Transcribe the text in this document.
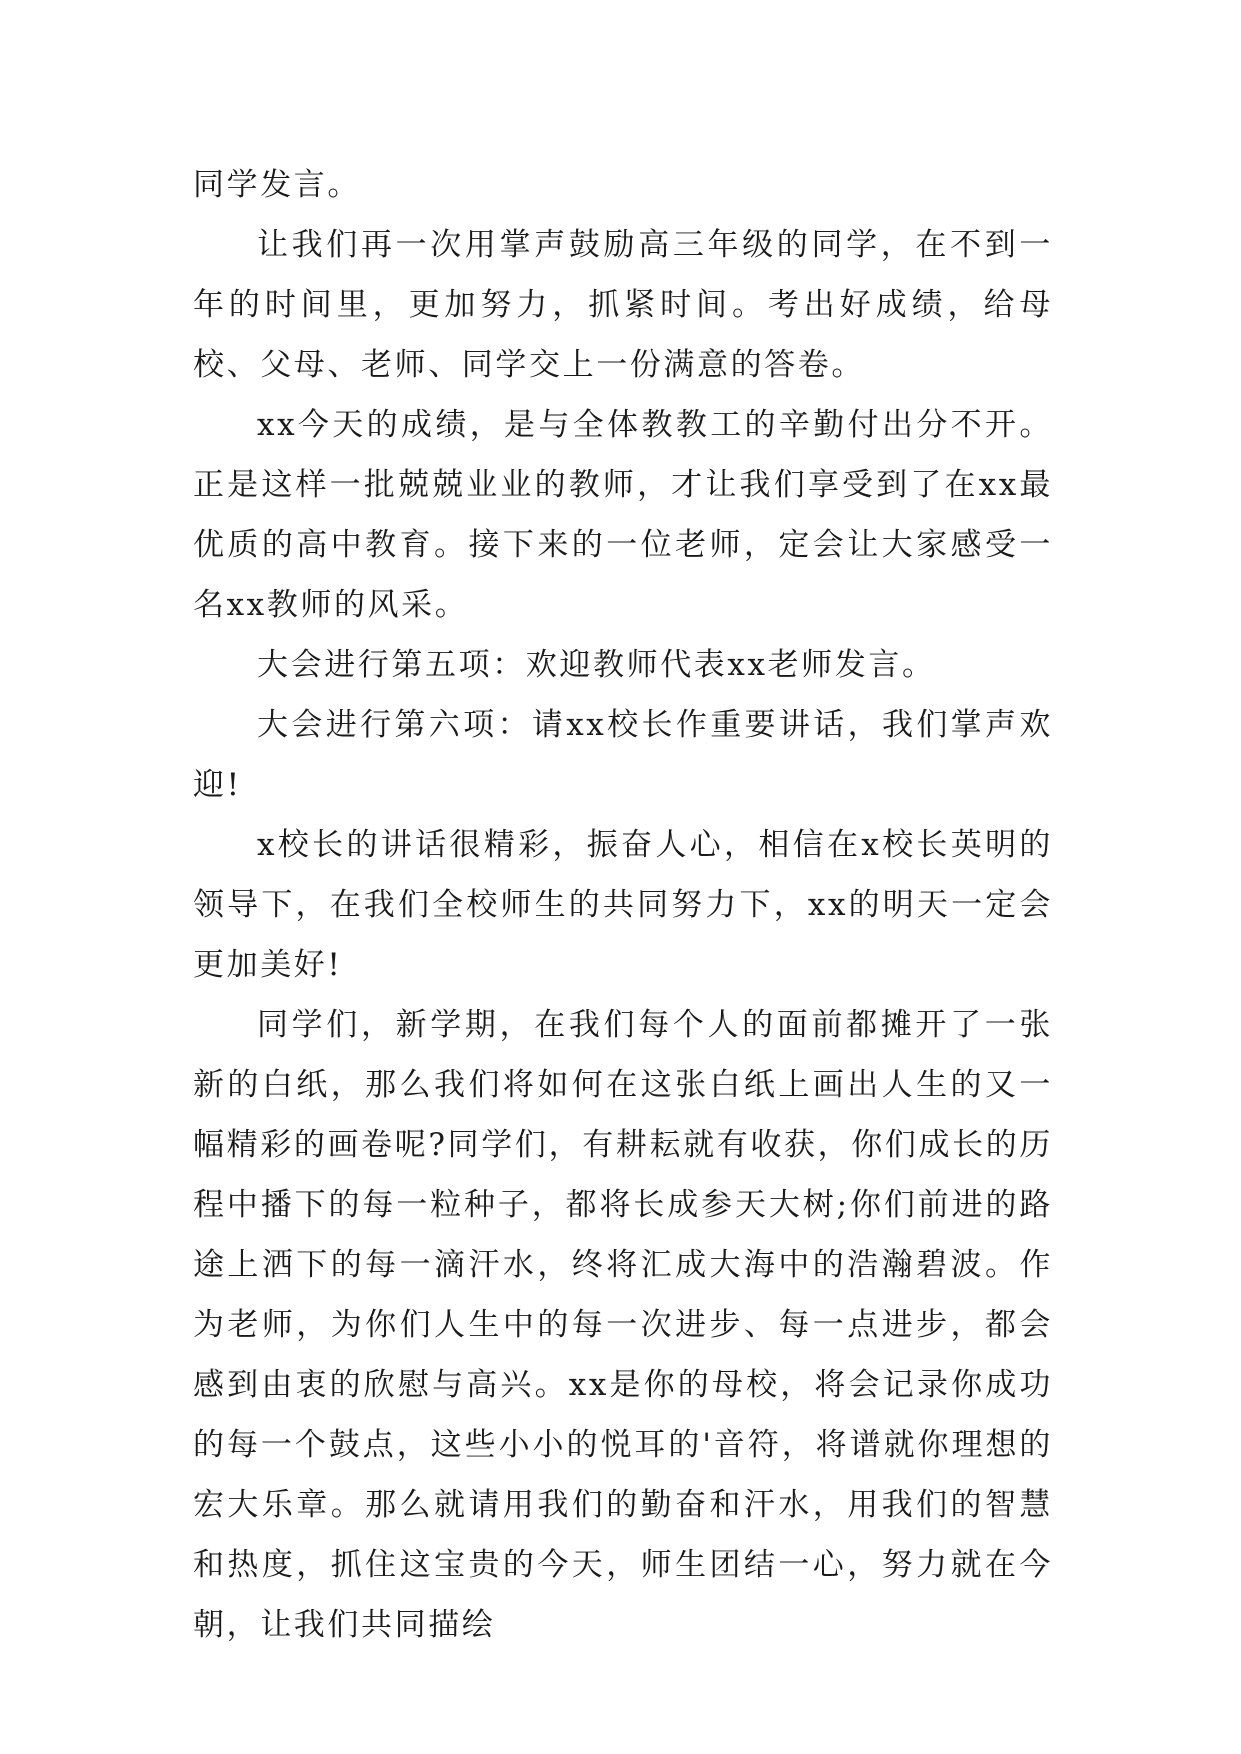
同学发言。

让我们再一次用掌声鼓励高三年级的同学，在不到一年的时间里，更加努力，抓紧时间。考出好成绩，给母校、父母、老师、同学交上一份满意的答卷。

xx今天的成绩，是与全体教教工的辛勤付出分不开。正是这样一批兢兢业业的教师，才让我们享受到了在xx最优质的高中教育。接下来的一位老师，定会让大家感受一名xx教师的风采。

大会进行第五项：欢迎教师代表xx老师发言。

大会进行第六项：请xx校长作重要讲话，我们掌声欢迎!

x校长的讲话很精彩，振奋人心，相信在x校长英明的领导下，在我们全校师生的共同努力下，xx的明天一定会更加美好!

同学们，新学期，在我们每个人的面前都摊开了一张新的白纸，那么我们将如何在这张白纸上画出人生的又一幅精彩的画卷呢?同学们，有耕耘就有收获，你们成长的历程中播下的每一粒种子，都将长成参天大树;你们前进的路途上洒下的每一滴汗水，终将汇成大海中的浩瀚碧波。作为老师，为你们人生中的每一次进步、每一点进步，都会感到由衷的欣慰与高兴。xx是你的母校，将会记录你成功的每一个鼓点，这些小小的悦耳的'音符，将谱就你理想的宏大乐章。那么就请用我们的勤奋和汗水，用我们的智慧和热度，抓住这宝贵的今天，师生团结一心，努力就在今朝，让我们共同描绘
